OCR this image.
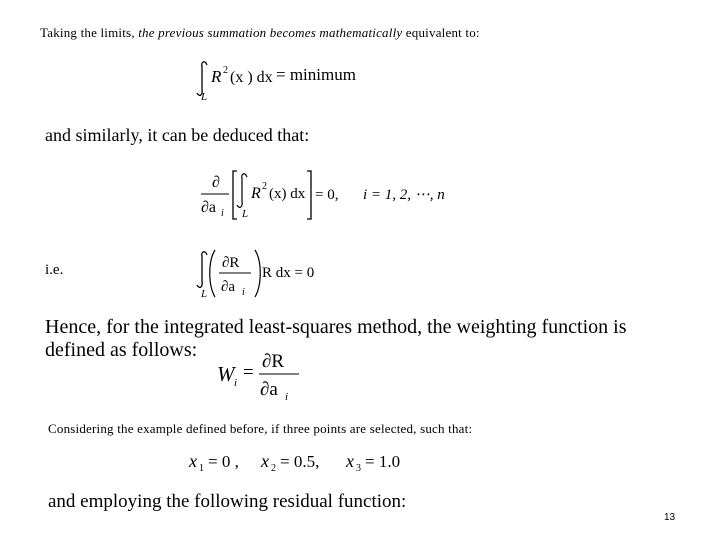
Taking the limits, the previous summation becomes mathematically equivalent to:
R 2 (x ) dx = minimum
L
and similarly, it can be deduced that:
∂
∂a i
R 2 (x) dx = 0, i = 1, 2, ⋯, n
L
i.e.	∂R
∂a i
R dx = 0
L
Hence, for the integrated least-squares method, the weighting function is defined as follows:
W i =
∂R
∂a i
Considering the example defined before, if three points are selected, such that:
x 1 = 0 , x 2 = 0.5, x 3 = 1.0
and employing the following residual function:
13
